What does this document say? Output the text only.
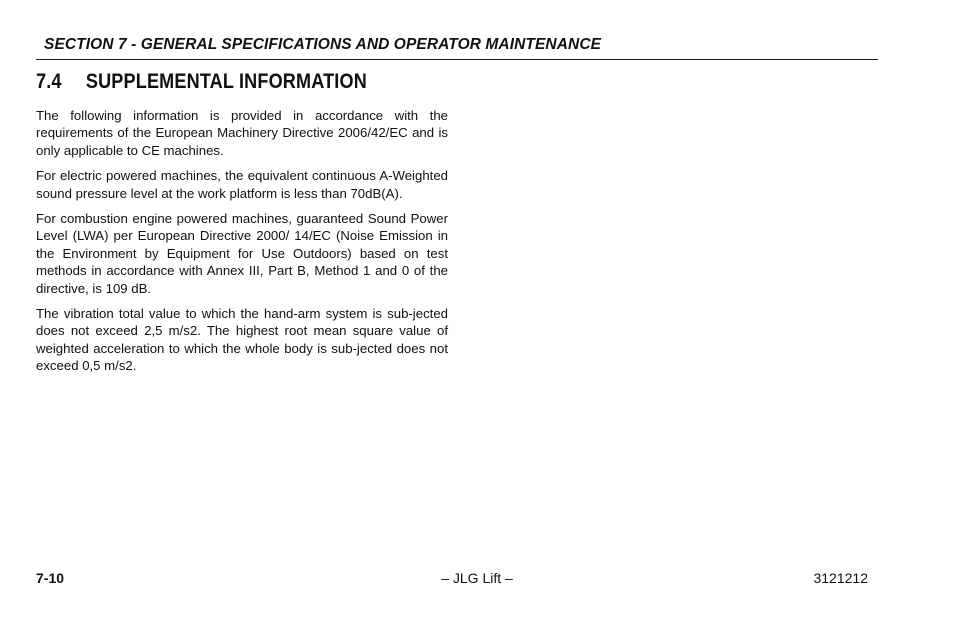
SECTION 7 - GENERAL SPECIFICATIONS AND OPERATOR MAINTENANCE
7.4 SUPPLEMENTAL INFORMATION

The following information is provided in accordance with the requirements of the European Machinery Directive 2006/42/EC and is only applicable to CE machines.

For electric powered machines, the equivalent continuous A-Weighted sound pressure level at the work platform is less than 70dB(A).

For combustion engine powered machines, guaranteed Sound Power Level (LWA) per European Directive 2000/ 14/EC (Noise Emission in the Environment by Equipment for Use Outdoors) based on test methods in accordance with Annex III, Part B, Method 1 and 0 of the directive, is 109 dB.

The vibration total value to which the hand-arm system is sub-jected does not exceed 2,5 m/s2. The highest root mean square value of weighted acceleration to which the whole body is sub-jected does not exceed 0,5 m/s2.

7-10	– JLG Lift –	3121212
